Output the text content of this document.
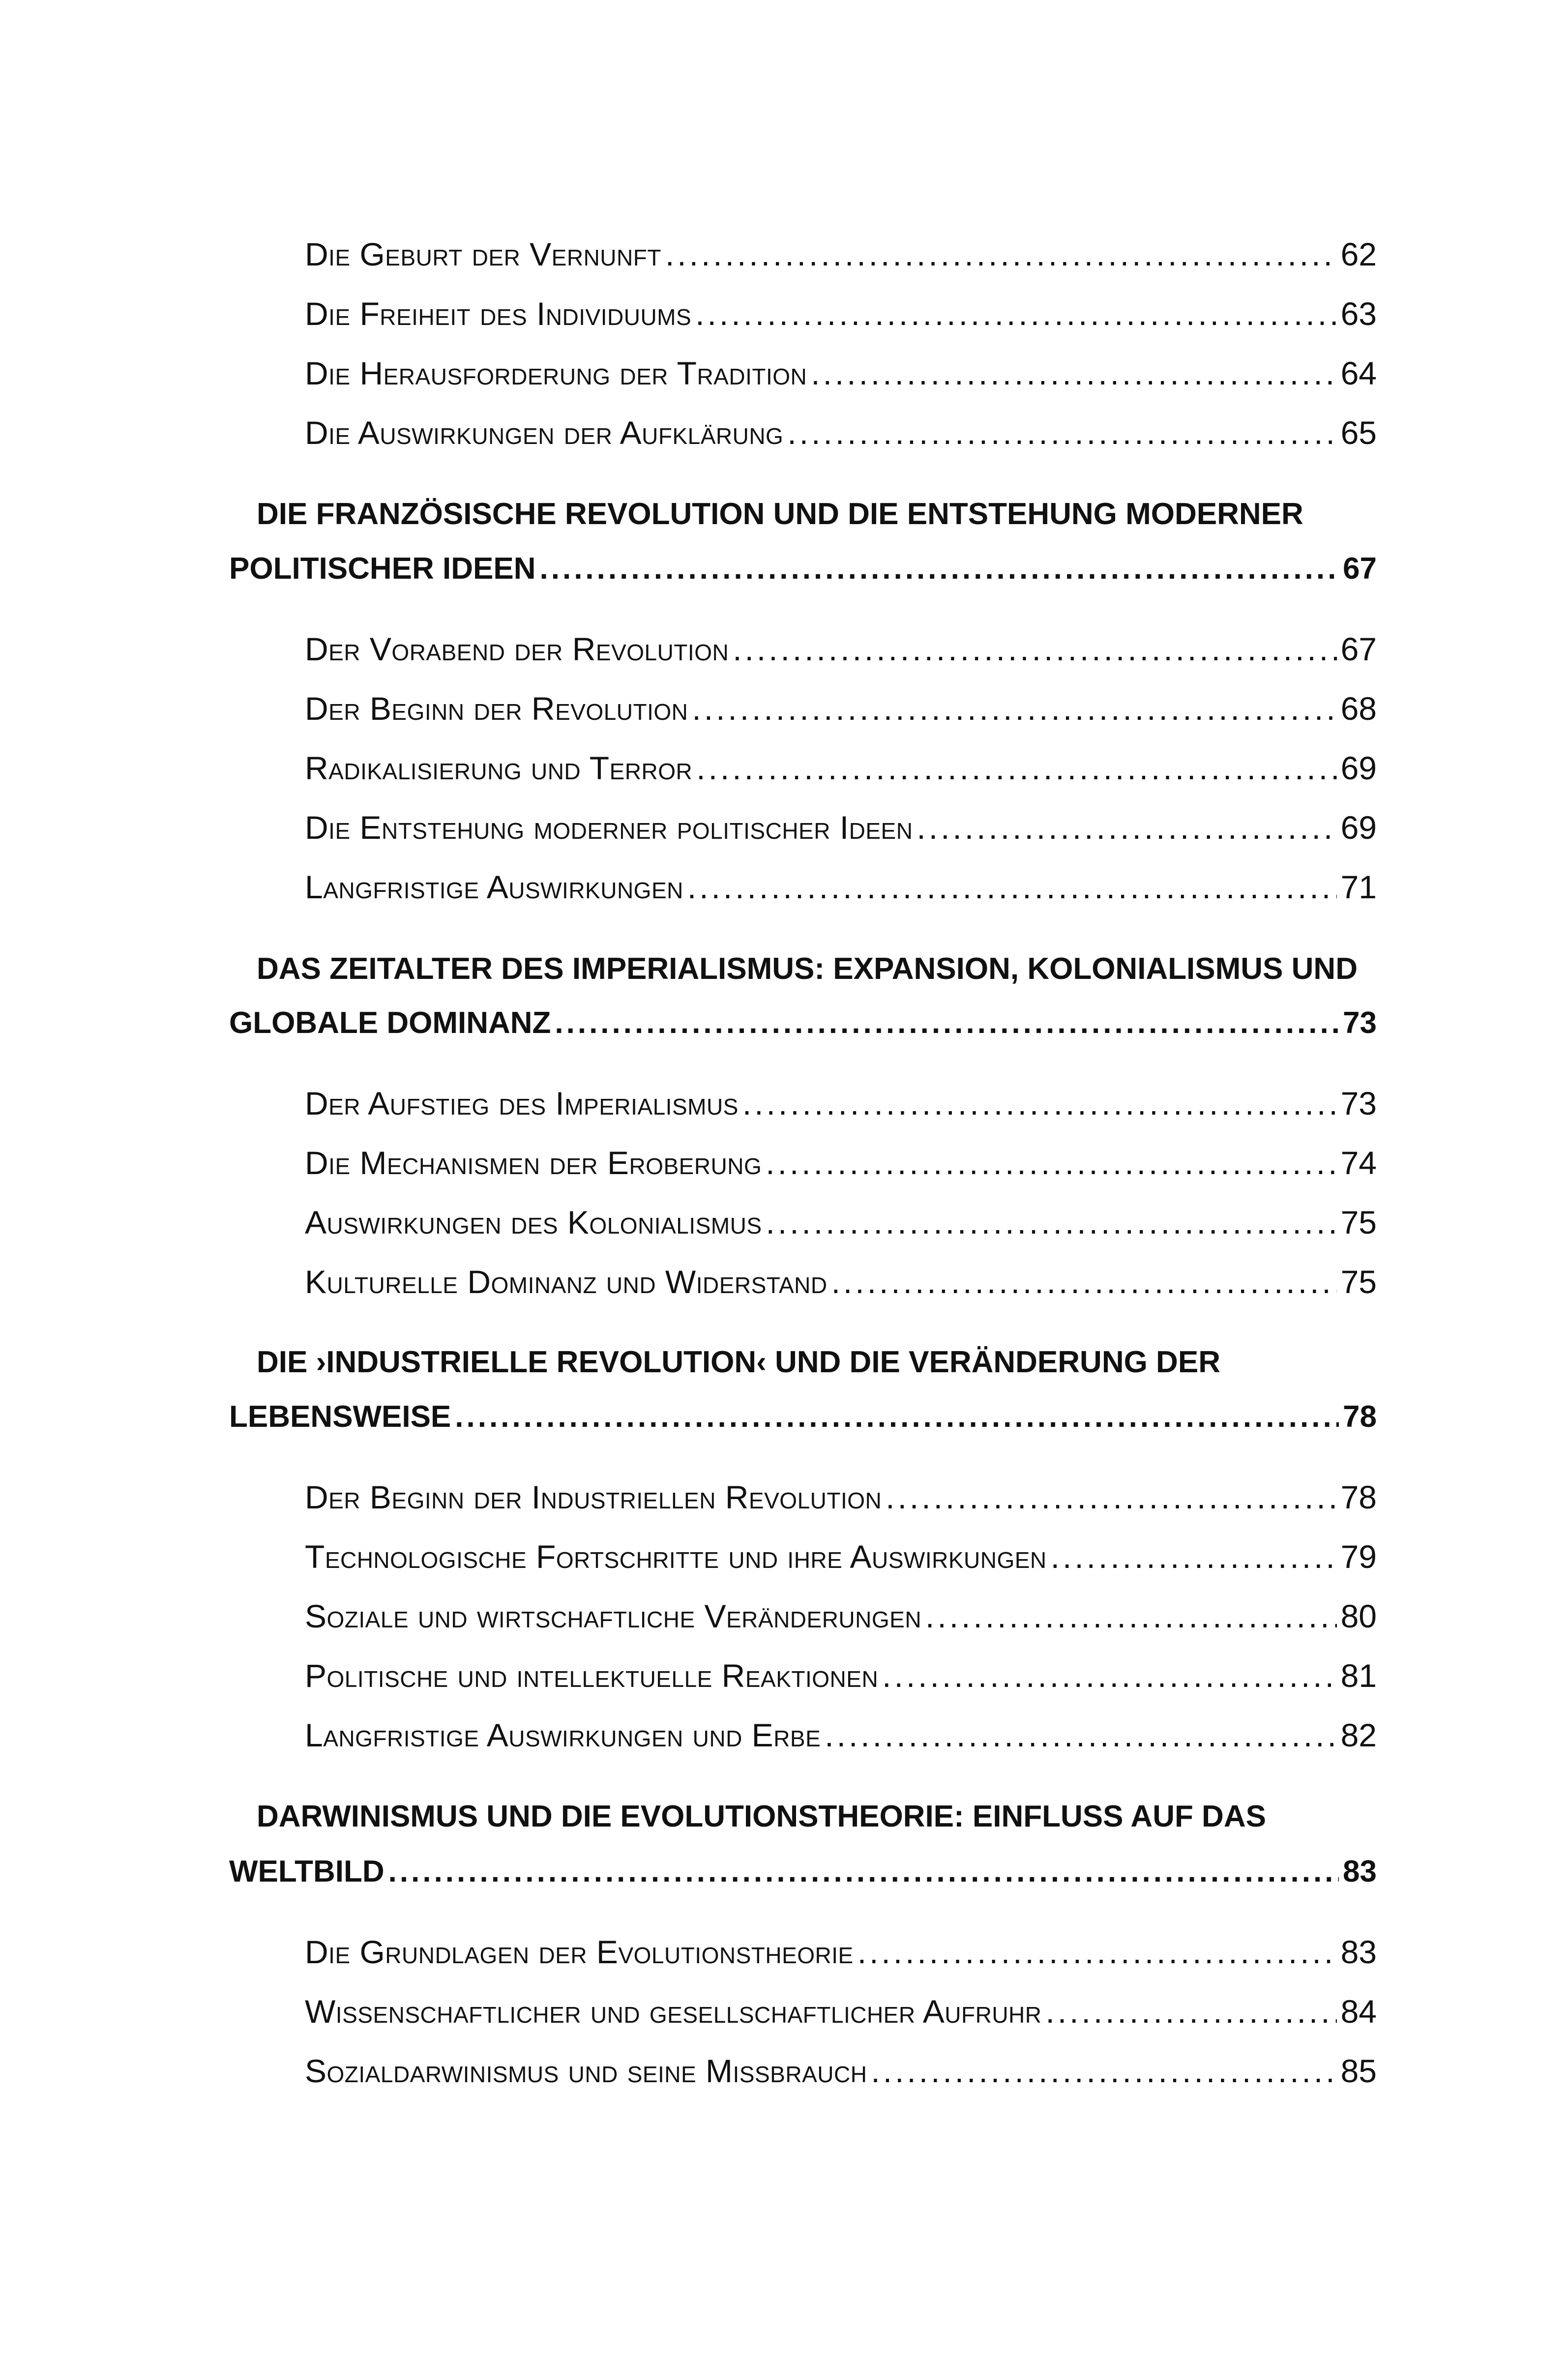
Die Geburt der Vernunft .....	62
Die Freiheit des Individuums .....	63
Die Herausforderung der Tradition .....	64
Die Auswirkungen der Aufklärung .....	65
DIE FRANZÖSISCHE REVOLUTION UND DIE ENTSTEHUNG MODERNER
POLITISCHER IDEEN .....	67
Der Vorabend der Revolution .....	67
Der Beginn der Revolution .....	68
Radikalisierung und Terror .....	69
Die Entstehung moderner politischer Ideen .....	69
Langfristige Auswirkungen .....	71
DAS ZEITALTER DES IMPERIALISMUS: EXPANSION, KOLONIALISMUS UND
GLOBALE DOMINANZ .....	73
Der Aufstieg des Imperialismus .....	73
Die Mechanismen der Eroberung .....	74
Auswirkungen des Kolonialismus .....	75
Kulturelle Dominanz und Widerstand .....	75
DIE ›INDUSTRIELLE REVOLUTION‹ UND DIE VERÄNDERUNG DER
LEBENSWEISE .....	78
Der Beginn der Industriellen Revolution .....	78
Technologische Fortschritte und ihre Auswirkungen .....	79
Soziale und wirtschaftliche Veränderungen .....	80
Politische und intellektuelle Reaktionen .....	81
Langfristige Auswirkungen und Erbe .....	82
DARWINISMUS UND DIE EVOLUTIONSTHEORIE: EINFLUSS AUF DAS
WELTBILD .....	83
Die Grundlagen der Evolutionstheorie .....	83
Wissenschaftlicher und gesellschaftlicher Aufruhr .....	84
Sozialdarwinismus und seine Missbrauch .....	85
